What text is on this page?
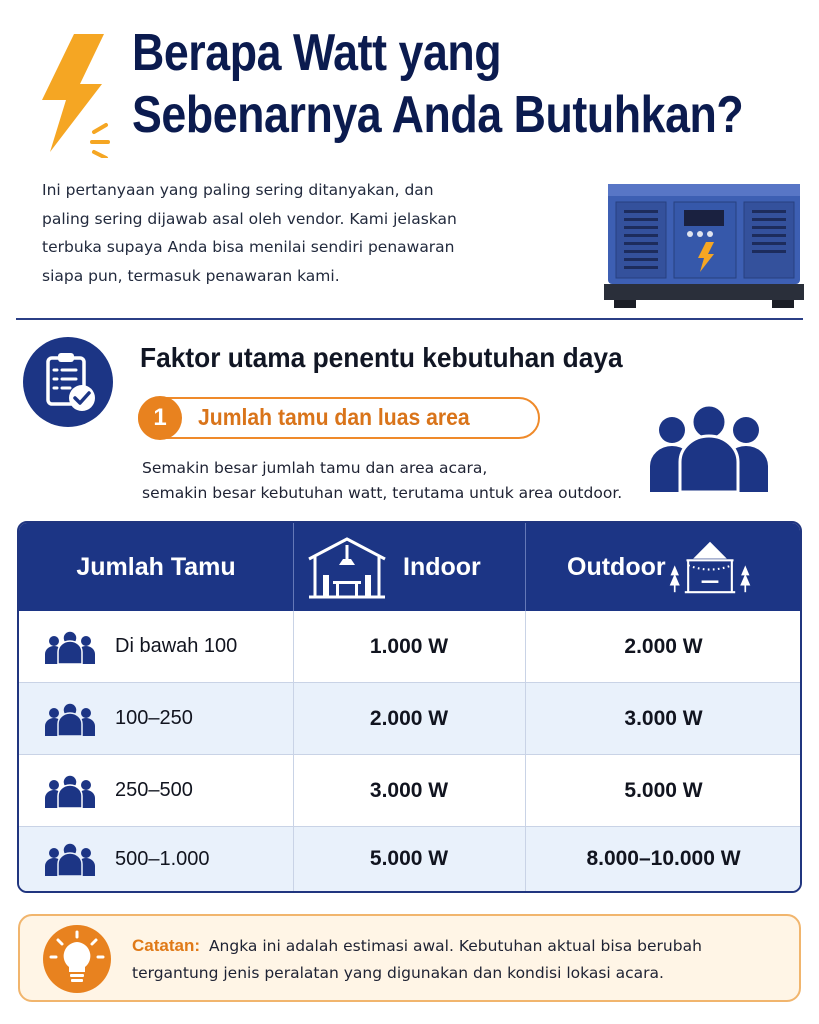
Berapa Watt yang
Sebenarnya Anda Butuhkan?
Ini pertanyaan yang paling sering ditanyakan, dan
paling sering dijawab asal oleh vendor. Kami jelaskan
terbuka supaya Anda bisa menilai sendiri penawaran
siapa pun, termasuk penawaran kami.
Faktor utama penentu kebutuhan daya
1	Jumlah tamu dan luas area
Semakin besar jumlah tamu dan area acara,
semakin besar kebutuhan watt, terutama untuk area outdoor.
Jumlah Tamu	Indoor	Outdoor
Di bawah 100	1.000 W	2.000 W
100–250	2.000 W	3.000 W
250–500	3.000 W	5.000 W
500–1.000	5.000 W	8.000–10.000 W
Catatan: Angka ini adalah estimasi awal. Kebutuhan aktual bisa berubah
tergantung jenis peralatan yang digunakan dan kondisi lokasi acara.
